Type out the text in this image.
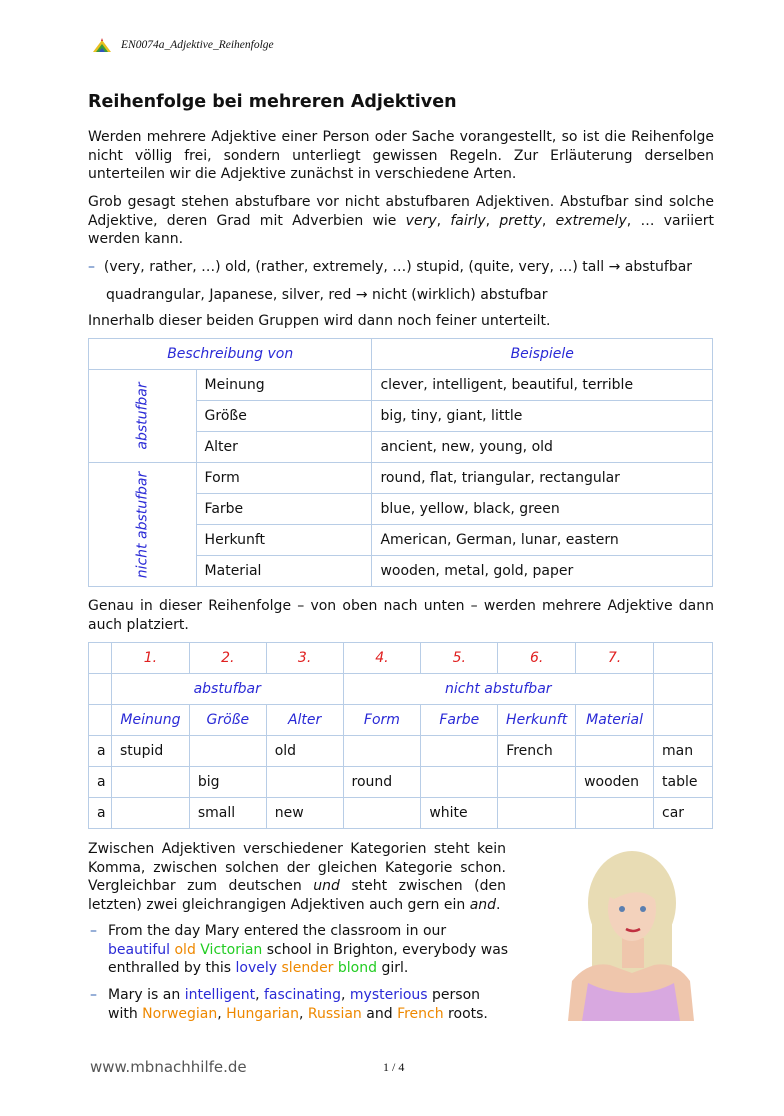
EN0074a_Adjektive_Reihenfolge
Reihenfolge bei mehreren Adjektiven

Werden mehrere Adjektive einer Person oder Sache vorangestellt, so ist die Reihenfolge nicht völlig frei, sondern unterliegt gewissen Regeln. Zur Erläuterung derselben unterteilen wir die Adjektive zunächst in verschiedene Arten.

Grob gesagt stehen abstufbare vor nicht abstufbaren Adjektiven. Abstufbar sind solche Adjektive, deren Grad mit Adverbien wie very, fairly, pretty, extremely, … variiert werden kann.

– (very, rather, …) old, (rather, extremely, …) stupid, (quite, very, …) tall → abstufbar
quadrangular, Japanese, silver, red → nicht (wirklich) abstufbar

Innerhalb dieser beiden Gruppen wird dann noch feiner unterteilt.

Beschreibung von		Beispiele
abstufbar	Meinung	clever, intelligent, beautiful, terrible
	Größe	big, tiny, giant, little
	Alter	ancient, new, young, old
nicht abstufbar	Form	round, flat, triangular, rectangular
	Farbe	blue, yellow, black, green
	Herkunft	American, German, lunar, eastern
	Material	wooden, metal, gold, paper

Genau in dieser Reihenfolge – von oben nach unten – werden mehrere Adjektive dann auch platziert.

	1.	2.	3.	4.	5.	6.	7.	
	abstufbar			nicht abstufbar				
	Meinung	Größe	Alter	Form	Farbe	Herkunft	Material	
a	stupid		old			French		man
a		big		round			wooden	table
a		small	new		white			car

Zwischen Adjektiven verschiedener Kategorien steht kein Komma, zwischen solchen der gleichen Kategorie schon. Vergleichbar zum deutschen und steht zwischen (den letzten) zwei gleichrangigen Adjektiven auch gern ein and.

– From the day Mary entered the classroom in our beautiful old Victorian school in Brighton, everybody was enthralled by this lovely slender blond girl.
– Mary is an intelligent, fascinating, mysterious person with Norwegian, Hungarian, Russian and French roots.
www.mbnachhilfe.de	1 / 4
